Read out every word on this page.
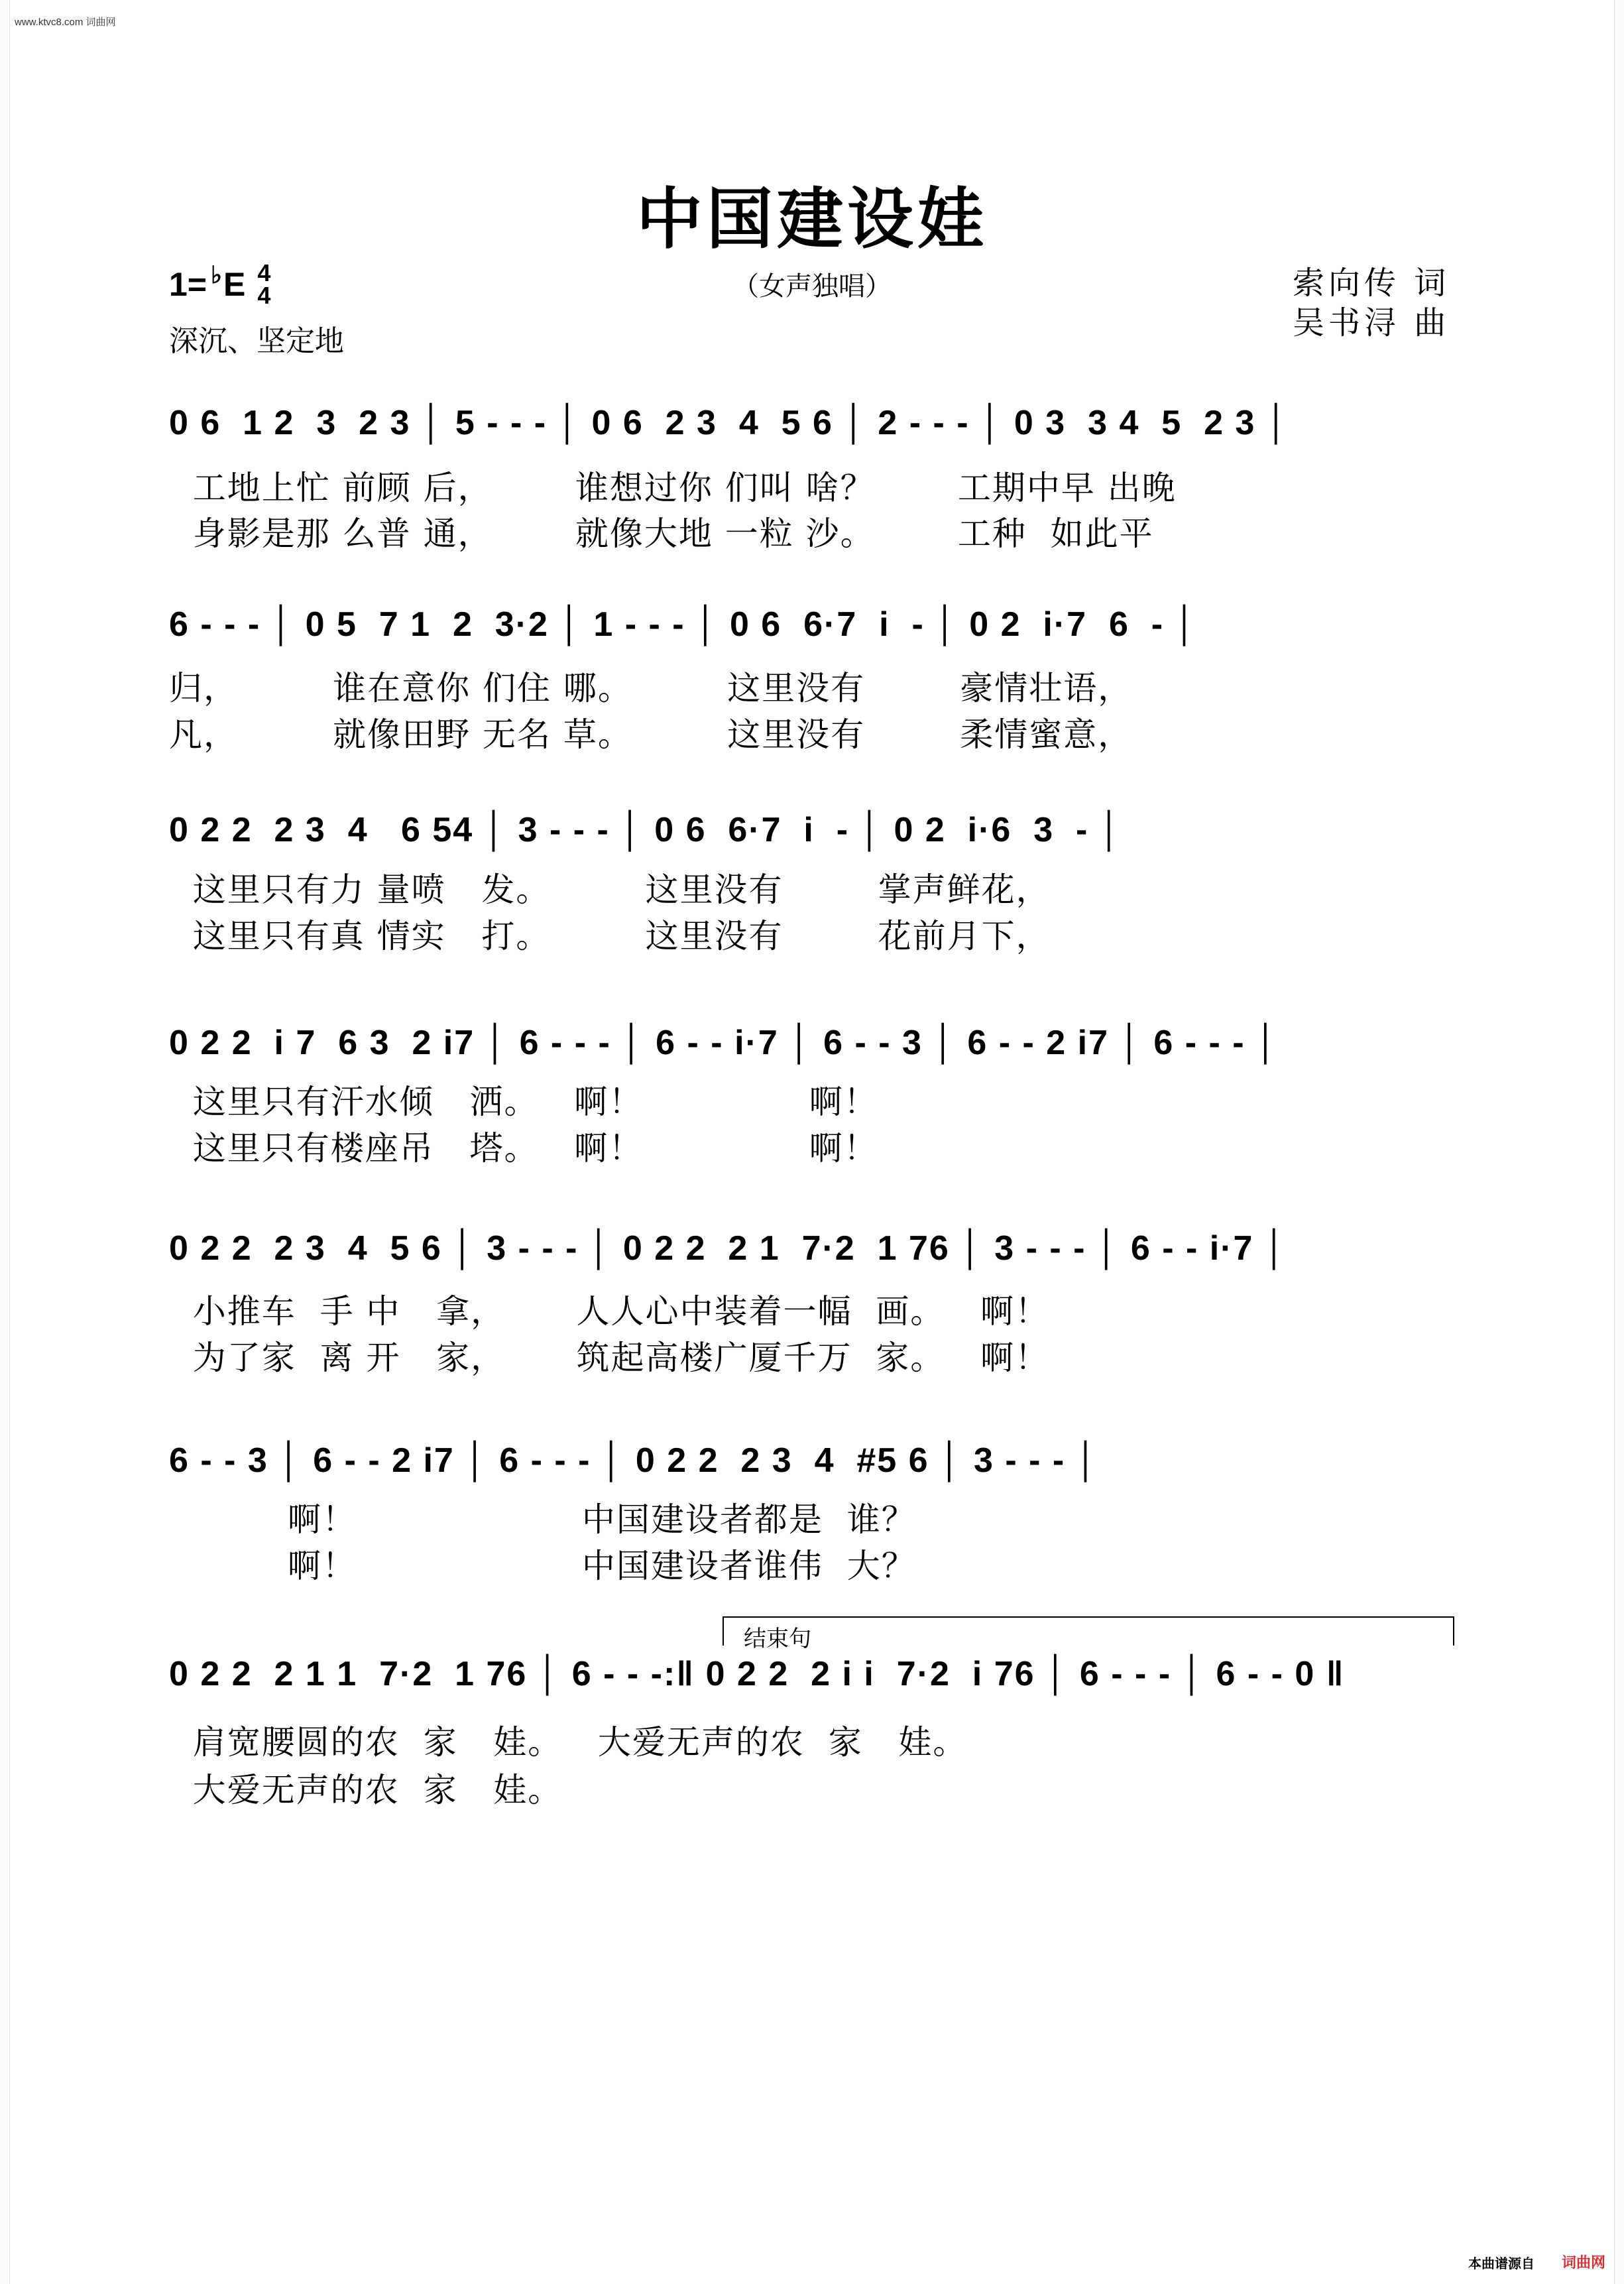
www.ktvc8.com 词曲网
中国建设娃
（女声独唱）
1= ♭ E 4
4
深沉、坚定地
索向传 词
吴书浔 曲
0 6  1 2  3  2 3 │ 5 - - - │ 0 6  2 3  4  5 6 │ 2 - - - │ 0 3  3 4  5  2 3 │
工地上忙 前顾 后，       谁想过你 们叫 啥？       工期中早 出晚
身影是那 么普 通，       就像大地 一粒 沙。       工种  如此平
6 - - - │ 0 5  7 1  2  3·2 │ 1 - - - │ 0 6  6·7  i  - │ 0 2  i·7  6  - │
归，        谁在意你 们住 哪。        这里没有        豪情壮语，
凡，        就像田野 无名 草。        这里没有        柔情蜜意，
0 2 2  2 3  4   6 54 │ 3 - - - │ 0 6  6·7  i  - │ 0 2  i·6  3  - │
这里只有力 量喷   发。        这里没有        掌声鲜花，
这里只有真 情实   打。        这里没有        花前月下，
0 2 2  i 7  6 3  2 i7 │ 6 - - - │ 6 - - i·7 │ 6 - - 3 │ 6 - - 2 i7 │ 6 - - - │
这里只有汗水倾   洒。   啊！              啊！
这里只有楼座吊   塔。   啊！              啊！
0 2 2  2 3  4  5 6 │ 3 - - - │ 0 2 2  2 1  7·2  1 76 │ 3 - - - │ 6 - - i·7 │
小推车  手 中   拿，      人人心中装着一幅  画。   啊！
为了家  离 开   家，      筑起高楼广厦千万  家。   啊！
6 - - 3 │ 6 - - 2 i7 │ 6 - - - │ 0 2 2  2 3  4  #5 6 │ 3 - - - │
啊！                   中国建设者都是  谁？
啊！                   中国建设者谁伟  大？
结束句
0 2 2  2 1 1  7·2  1 76 │ 6 - - -:‖ 0 2 2  2 i i  7·2  i 76 │ 6 - - - │ 6 - - 0 ‖
肩宽腰圆的农  家   娃。   大爱无声的农  家   娃。
大爱无声的农  家   娃。
本曲谱源自 词曲网
